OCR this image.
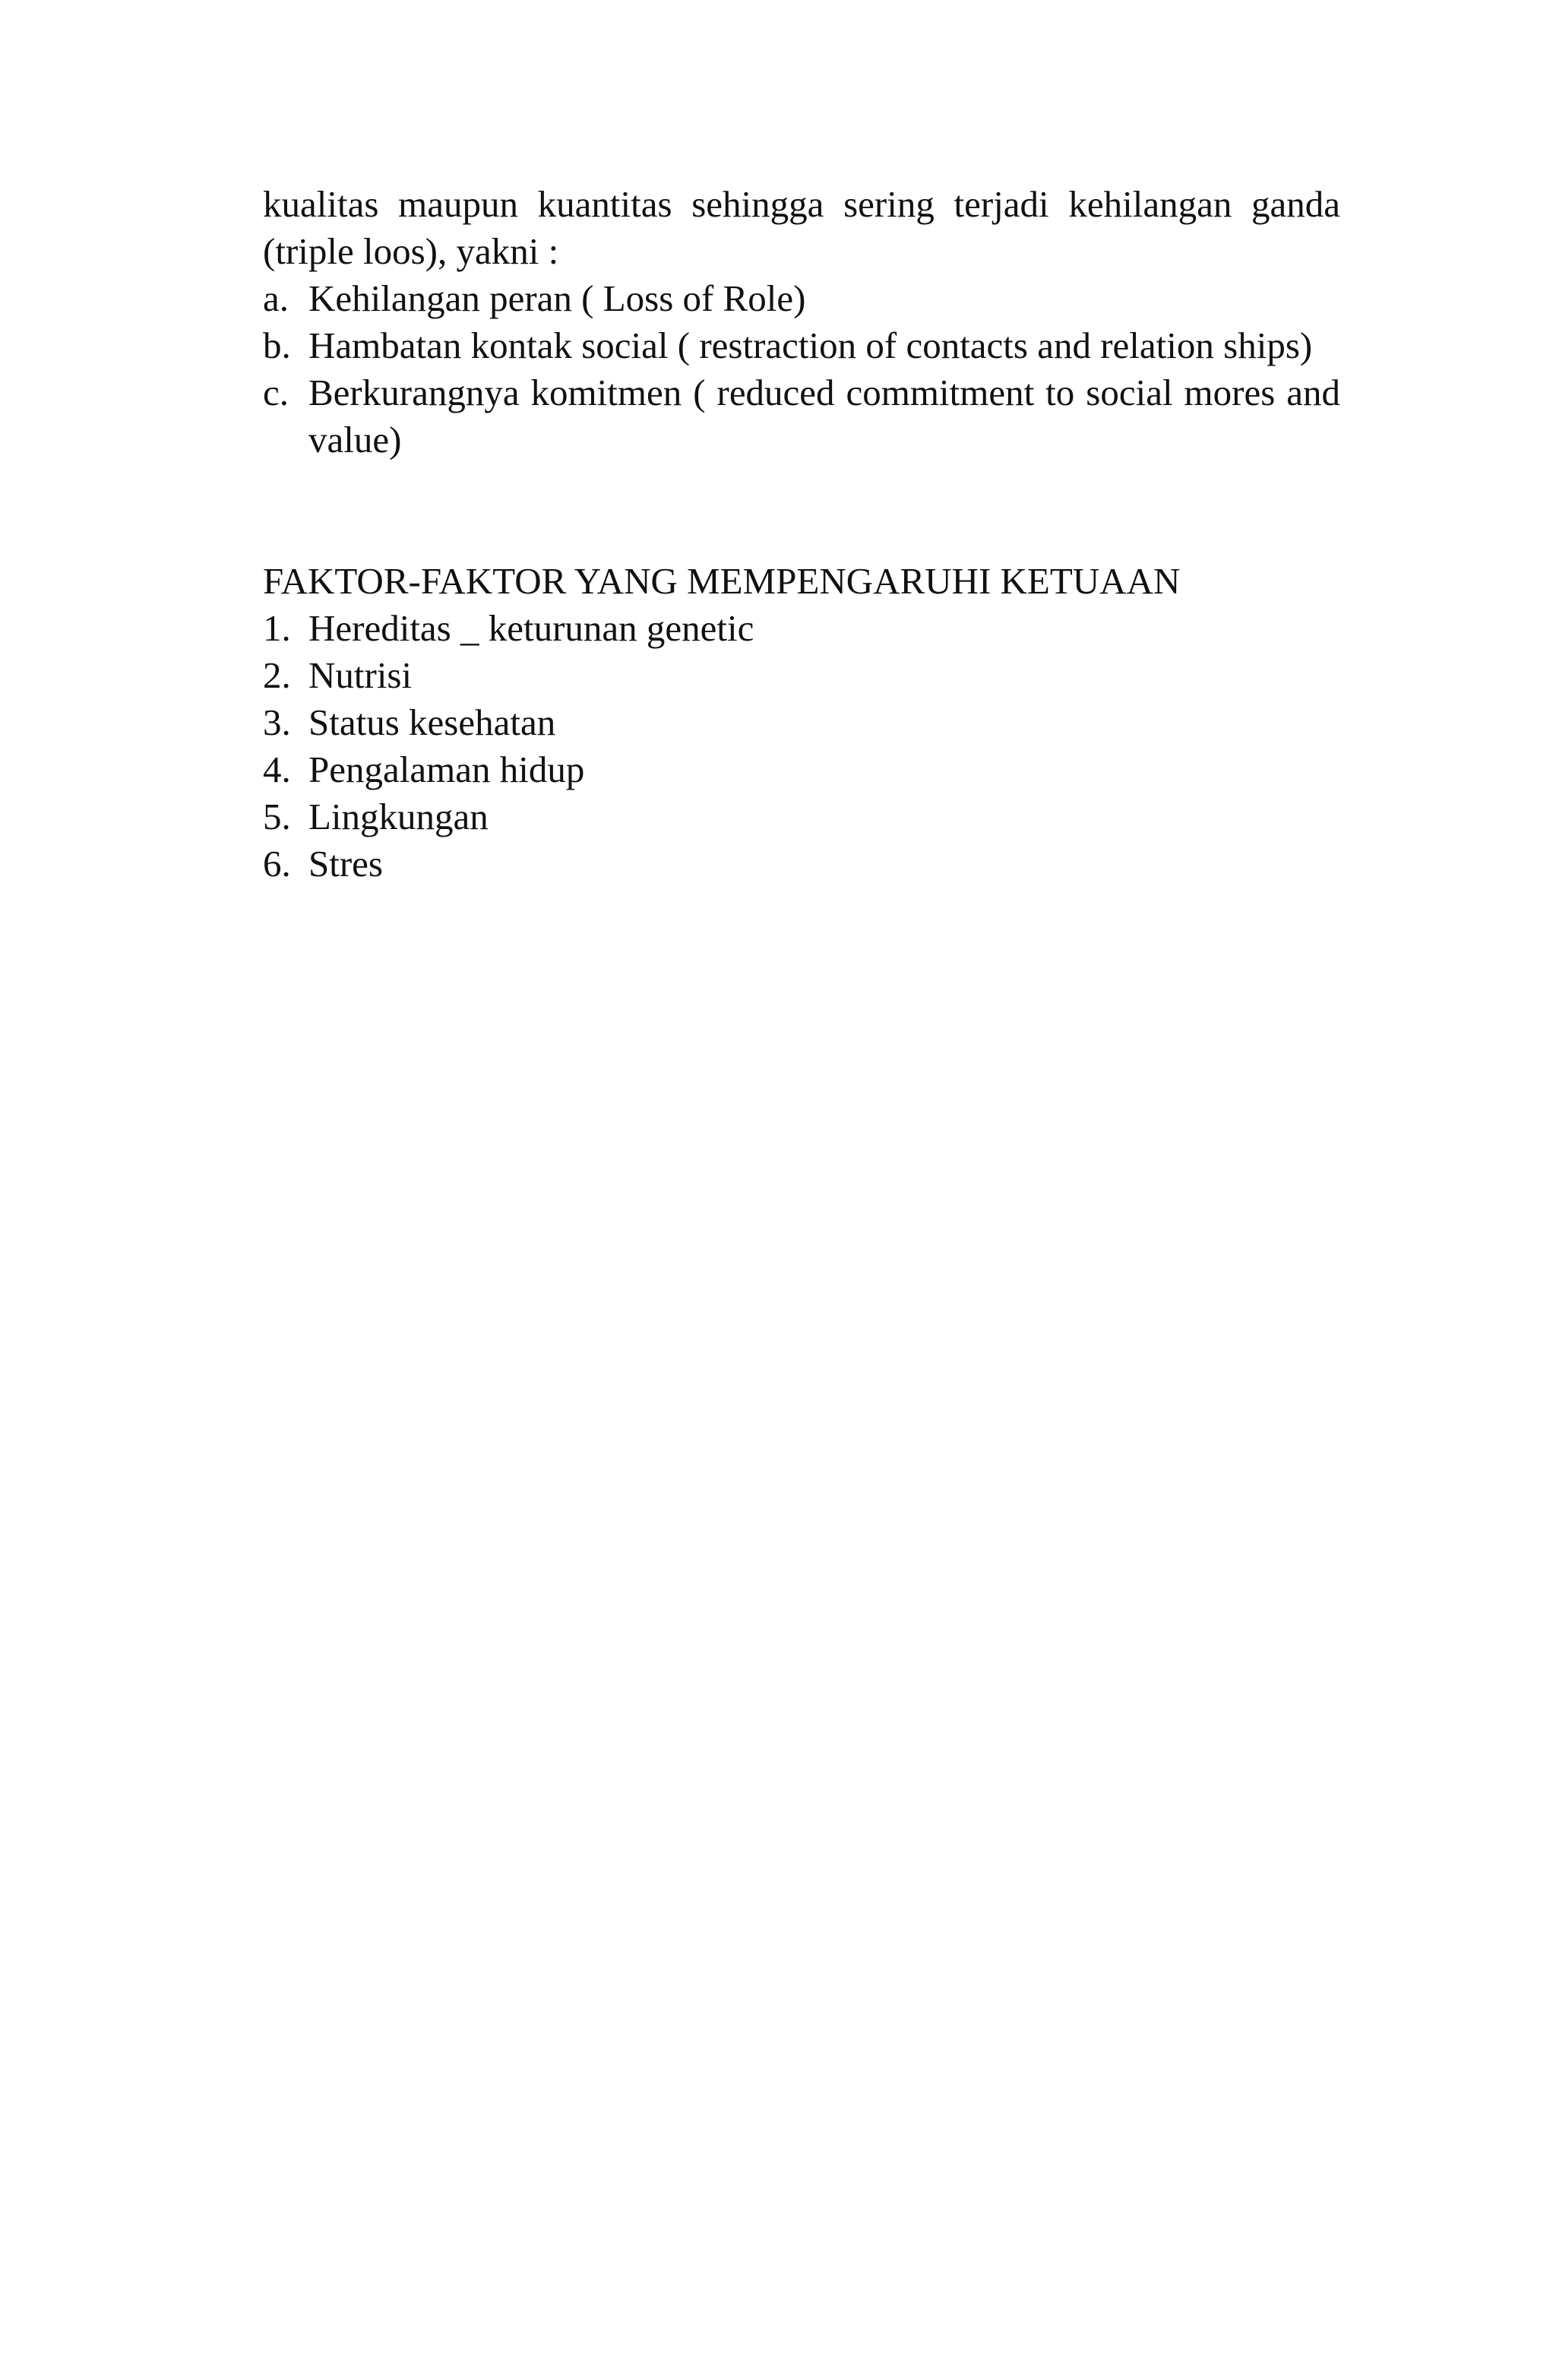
kualitas maupun kuantitas sehingga sering terjadi kehilangan ganda (triple loos), yakni :

a. Kehilangan peran ( Loss of Role)
b. Hambatan kontak social ( restraction of contacts and relation ships)
c. Berkurangnya komitmen ( reduced commitment to social mores and value)

FAKTOR-FAKTOR YANG MEMPENGARUHI KETUAAN

1. Hereditas _ keturunan genetic
2. Nutrisi
3. Status kesehatan
4. Pengalaman hidup
5. Lingkungan
6. Stres
